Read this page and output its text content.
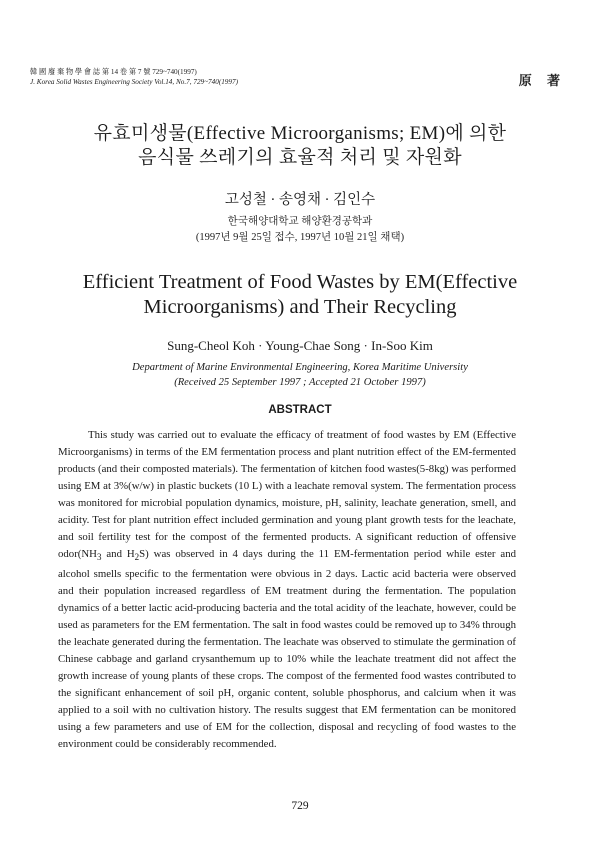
韓 國 廢 棄 物 學 會 誌 第 14 卷 第 7 號 729~740(1997)
J. Korea Solid Wastes Engineering Society Vol.14, No.7, 729~740(1997)	原 著
유효미생물(Effective Microorganisms; EM)에 의한
음식물 쓰레기의 효율적 처리 및 자원화
고성철 · 송영채 · 김인수
한국해양대학교 해양환경공학과
(1997년 9월 25일 접수, 1997년 10월 21일 채택)
Efficient Treatment of Food Wastes by EM(Effective
Microorganisms) and Their Recycling
Sung-Cheol Koh · Young-Chae Song · In-Soo Kim
Department of Marine Environmental Engineering, Korea Maritime University
(Received 25 September 1997 ; Accepted 21 October 1997)
ABSTRACT

This study was carried out to evaluate the efficacy of treatment of food wastes by EM (Effective Microorganisms) in terms of the EM fermentation process and plant nutrition effect of the EM-fermented products (and their composted materials). The fermentation of kitchen food wastes(5-8kg) was performed using EM at 3%(w/w) in plastic buckets (10 L) with a leachate removal system. The fermentation process was monitored for microbial population dynamics, moisture, pH, salinity, leachate generation, smell, and acidity. Test for plant nutrition effect included germination and young plant growth tests for the leachate, and soil fertility test for the compost of the fermented products. A significant reduction of offensive $odor(NH_3$ and $H_2S$) was observed in 4 days during the 11 EM-fermentation period while ester and alcohol smells specific to the fermentation were obvious in 2 days. Lactic acid bacteria were observed and their population increased regardless of EM treatment during the fermentation. The population dynamics of a better lactic acid-producing bacteria and the total acidity of the leachate, however, could be used as parameters for the EM fermentation. The salt in food wastes could be removed up to 34% through the leachate generated during the fermentation. The leachate was observed to stimulate the germination of Chinese cabbage and garland crysanthemum up to 10% while the leachate treatment did not affect the growth increase of young plants of these crops. The compost of the fermented food wastes contributed to the significant enhancement of soil pH, organic content, soluble phosphorus, and calcium when it was applied to a soil with no cultivation history. The results suggest that EM fermentation can be monitored using a few parameters and use of EM for the collection, disposal and recycling of food wastes to the environment could be considerably recommended.

729
